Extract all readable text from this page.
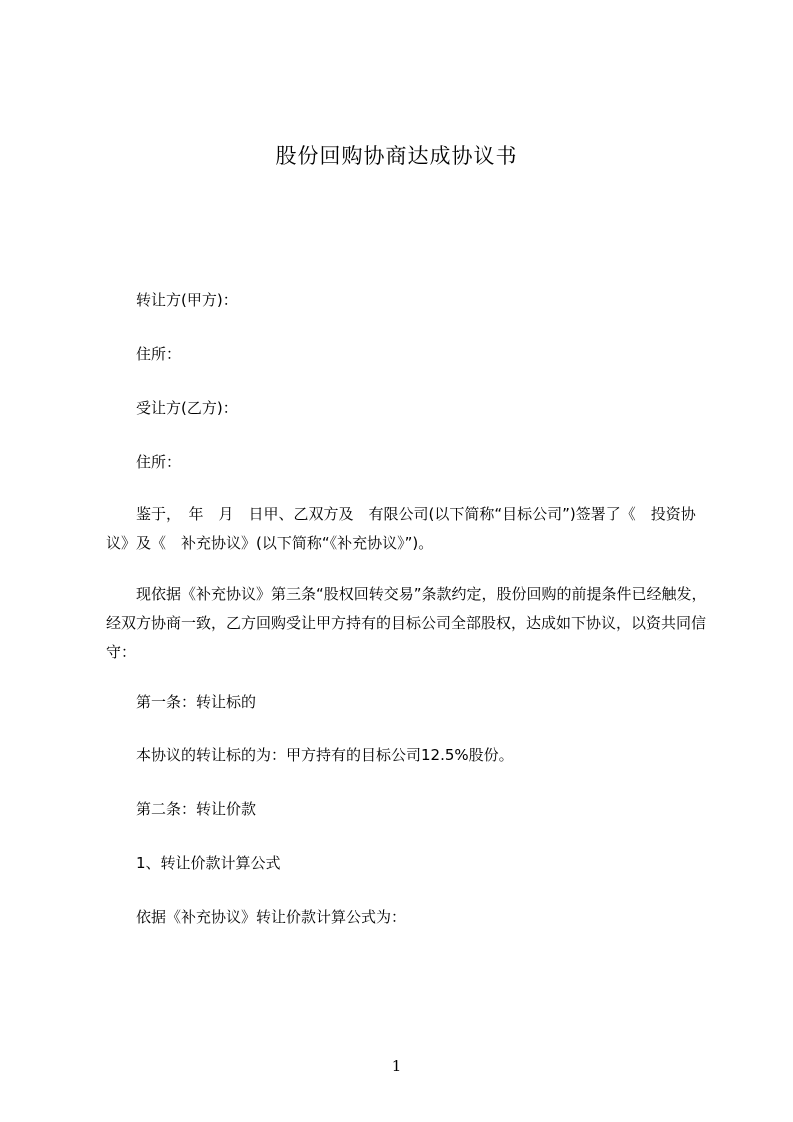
股份回购协商达成协议书

转让方(甲方)：

住所：

受让方(乙方)：

住所：

鉴于，　年　月　日甲、乙双方及　有限公司(以下简称“目标公司”)签署了《　投资协议》及《　补充协议》(以下简称“《补充协议》”)。

现依据《补充协议》第三条“股权回转交易”条款约定，股份回购的前提条件已经触发，经双方协商一致，乙方回购受让甲方持有的目标公司全部股权，达成如下协议，以资共同信守：

第一条：转让标的

本协议的转让标的为：甲方持有的目标公司12.5%股份。

第二条：转让价款

1、转让价款计算公式

依据《补充协议》转让价款计算公式为：

1
